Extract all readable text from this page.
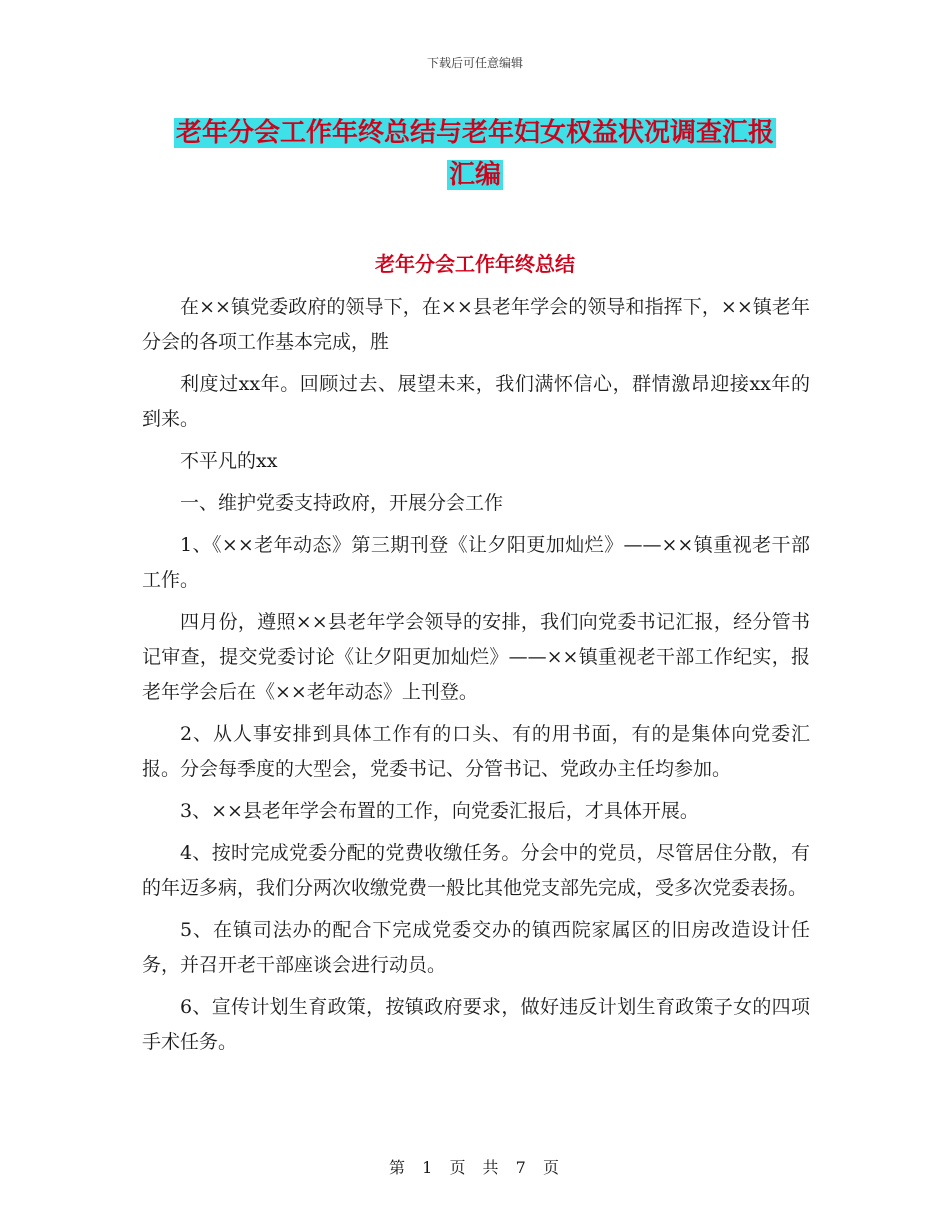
下载后可任意编辑
老年分会工作年终总结与老年妇女权益状况调查汇报
汇编
老年分会工作年终总结

在××镇党委政府的领导下，在××县老年学会的领导和指挥下，××镇老年分会的各项工作基本完成，胜

利度过xx年。回顾过去、展望未来，我们满怀信心，群情激昂迎接xx年的到来。

不平凡的xx

一、维护党委支持政府，开展分会工作

1、《××老年动态》第三期刊登《让夕阳更加灿烂》——××镇重视老干部工作。

四月份，遵照××县老年学会领导的安排，我们向党委书记汇报，经分管书记审查，提交党委讨论《让夕阳更加灿烂》——××镇重视老干部工作纪实，报老年学会后在《××老年动态》上刊登。

2、从人事安排到具体工作有的口头、有的用书面，有的是集体向党委汇报。分会每季度的大型会，党委书记、分管书记、党政办主任均参加。

3、××县老年学会布置的工作，向党委汇报后，才具体开展。

4、按时完成党委分配的党费收缴任务。分会中的党员，尽管居住分散，有的年迈多病，我们分两次收缴党费一般比其他党支部先完成，受多次党委表扬。

5、在镇司法办的配合下完成党委交办的镇西院家属区的旧房改造设计任务，并召开老干部座谈会进行动员。

6、宣传计划生育政策，按镇政府要求，做好违反计划生育政策子女的四项手术任务。

第 1 页 共 7 页
